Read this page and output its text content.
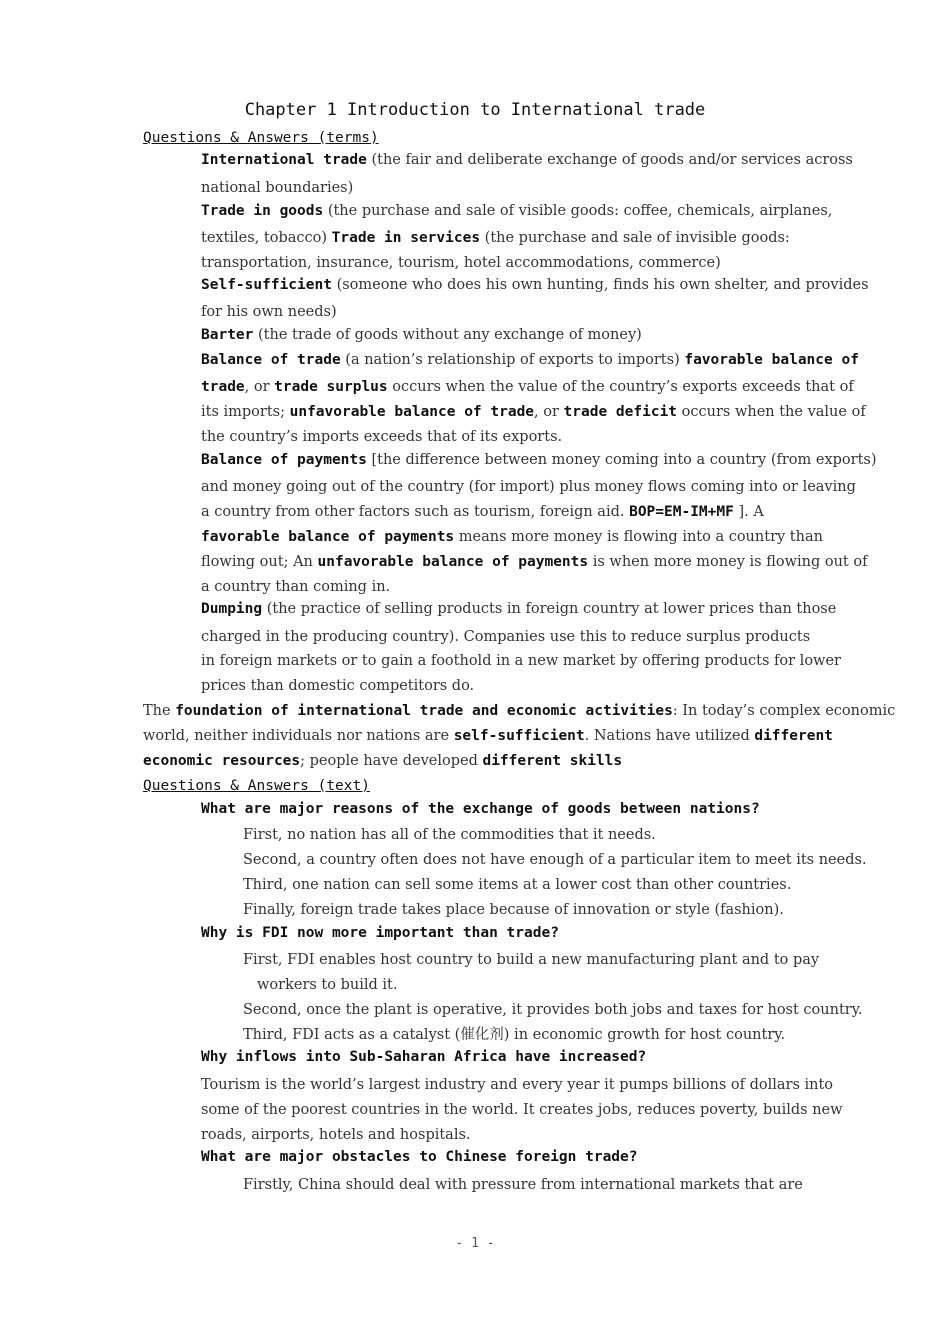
Chapter 1 Introduction to International trade
Questions & Answers (terms)
International trade (the fair and deliberate exchange of goods and/or services across
national boundaries)
Trade in goods (the purchase and sale of visible goods: coffee, chemicals, airplanes,
textiles, tobacco) Trade in services (the purchase and sale of invisible goods:
transportation, insurance, tourism, hotel accommodations, commerce)
Self-sufficient (someone who does his own hunting, finds his own shelter, and provides
for his own needs)
Barter (the trade of goods without any exchange of money)
Balance of trade (a nation’s relationship of exports to imports) favorable balance of
trade, or trade surplus occurs when the value of the country’s exports exceeds that of
its imports; unfavorable balance of trade, or trade deficit occurs when the value of
the country’s imports exceeds that of its exports.
Balance of payments [the difference between money coming into a country (from exports)
and money going out of the country (for import) plus money flows coming into or leaving
a country from other factors such as tourism, foreign aid. BOP=EM-IM+MF ]. A
favorable balance of payments means more money is flowing into a country than
flowing out; An unfavorable balance of payments is when more money is flowing out of
a country than coming in.
Dumping (the practice of selling products in foreign country at lower prices than those
charged in the producing country). Companies use this to reduce surplus products
in foreign markets or to gain a foothold in a new market by offering products for lower
prices than domestic competitors do.
The foundation of international trade and economic activities: In today’s complex economic
world, neither individuals nor nations are self-sufficient. Nations have utilized different
economic resources; people have developed different skills
Questions & Answers (text)
What are major reasons of the exchange of goods between nations?
First, no nation has all of the commodities that it needs.
Second, a country often does not have enough of a particular item to meet its needs.
Third, one nation can sell some items at a lower cost than other countries.
Finally, foreign trade takes place because of innovation or style (fashion).
Why is FDI now more important than trade?
First, FDI enables host country to build a new manufacturing plant and to pay
workers to build it.
Second, once the plant is operative, it provides both jobs and taxes for host country.
Third, FDI acts as a catalyst (催化剂) in economic growth for host country.
Why inflows into Sub-Saharan Africa have increased?
Tourism is the world’s largest industry and every year it pumps billions of dollars into
some of the poorest countries in the world. It creates jobs, reduces poverty, builds new
roads, airports, hotels and hospitals.
What are major obstacles to Chinese foreign trade?
Firstly, China should deal with pressure from international markets that are
- 1 -
